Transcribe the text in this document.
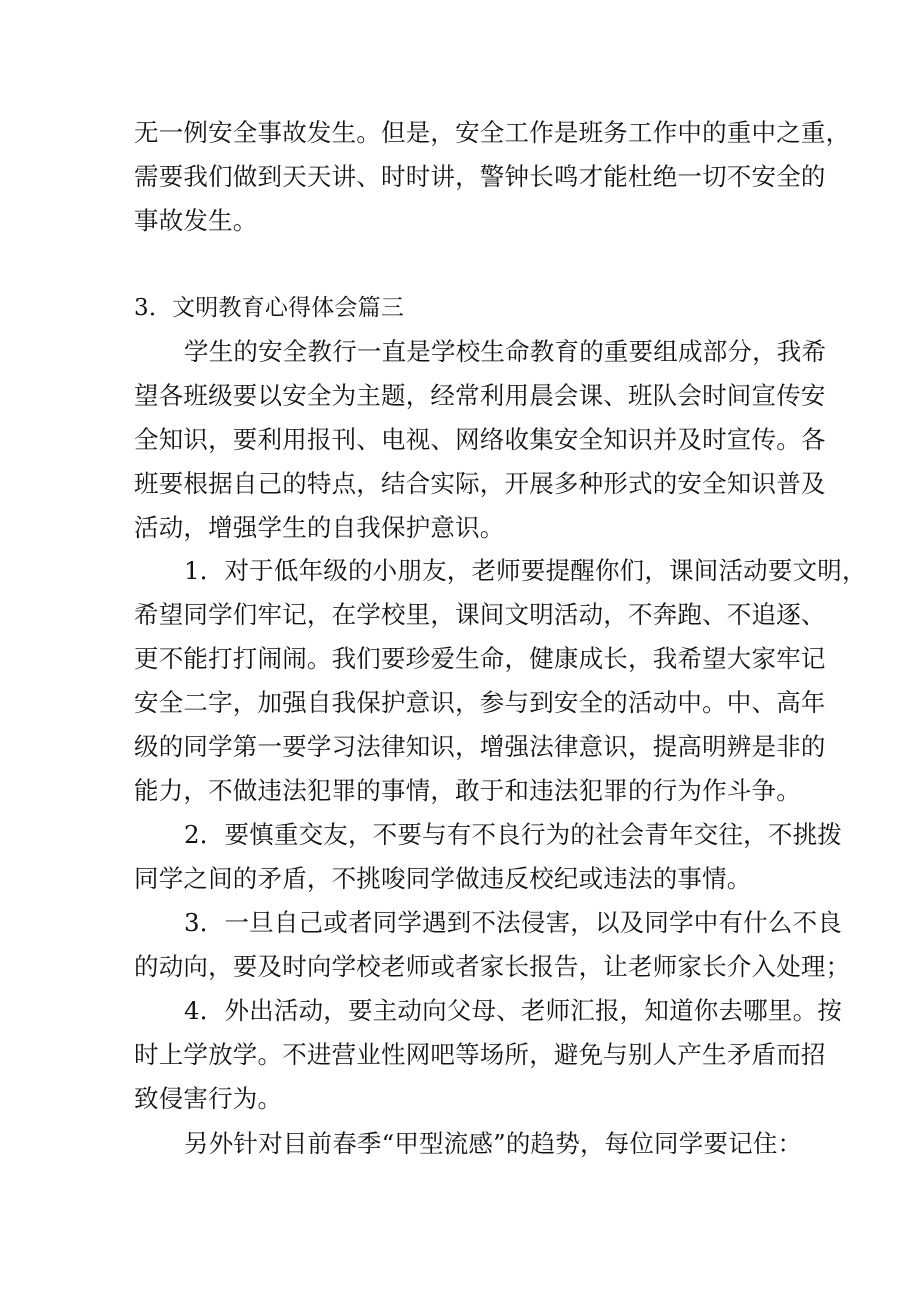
无一例安全事故发生。但是，安全工作是班务工作中的重中之重，
需要我们做到天天讲、时时讲，警钟长鸣才能杜绝一切不安全的
事故发生。
3．文明教育心得体会篇三
学生的安全教行一直是学校生命教育的重要组成部分，我希
望各班级要以安全为主题，经常利用晨会课、班队会时间宣传安
全知识，要利用报刊、电视、网络收集安全知识并及时宣传。各
班要根据自己的特点，结合实际，开展多种形式的安全知识普及
活动，增强学生的自我保护意识。
1．对于低年级的小朋友，老师要提醒你们，课间活动要文明，
希望同学们牢记，在学校里，课间文明活动，不奔跑、不追逐、
更不能打打闹闹。我们要珍爱生命，健康成长，我希望大家牢记
安全二字，加强自我保护意识，参与到安全的活动中。中、高年
级的同学第一要学习法律知识，增强法律意识，提高明辨是非的
能力，不做违法犯罪的事情，敢于和违法犯罪的行为作斗争。
2．要慎重交友，不要与有不良行为的社会青年交往，不挑拨
同学之间的矛盾，不挑唆同学做违反校纪或违法的事情。
3．一旦自己或者同学遇到不法侵害，以及同学中有什么不良
的动向，要及时向学校老师或者家长报告，让老师家长介入处理；
4．外出活动，要主动向父母、老师汇报，知道你去哪里。按
时上学放学。不进营业性网吧等场所，避免与别人产生矛盾而招
致侵害行为。
另外针对目前春季“甲型流感”的趋势，每位同学要记住：
